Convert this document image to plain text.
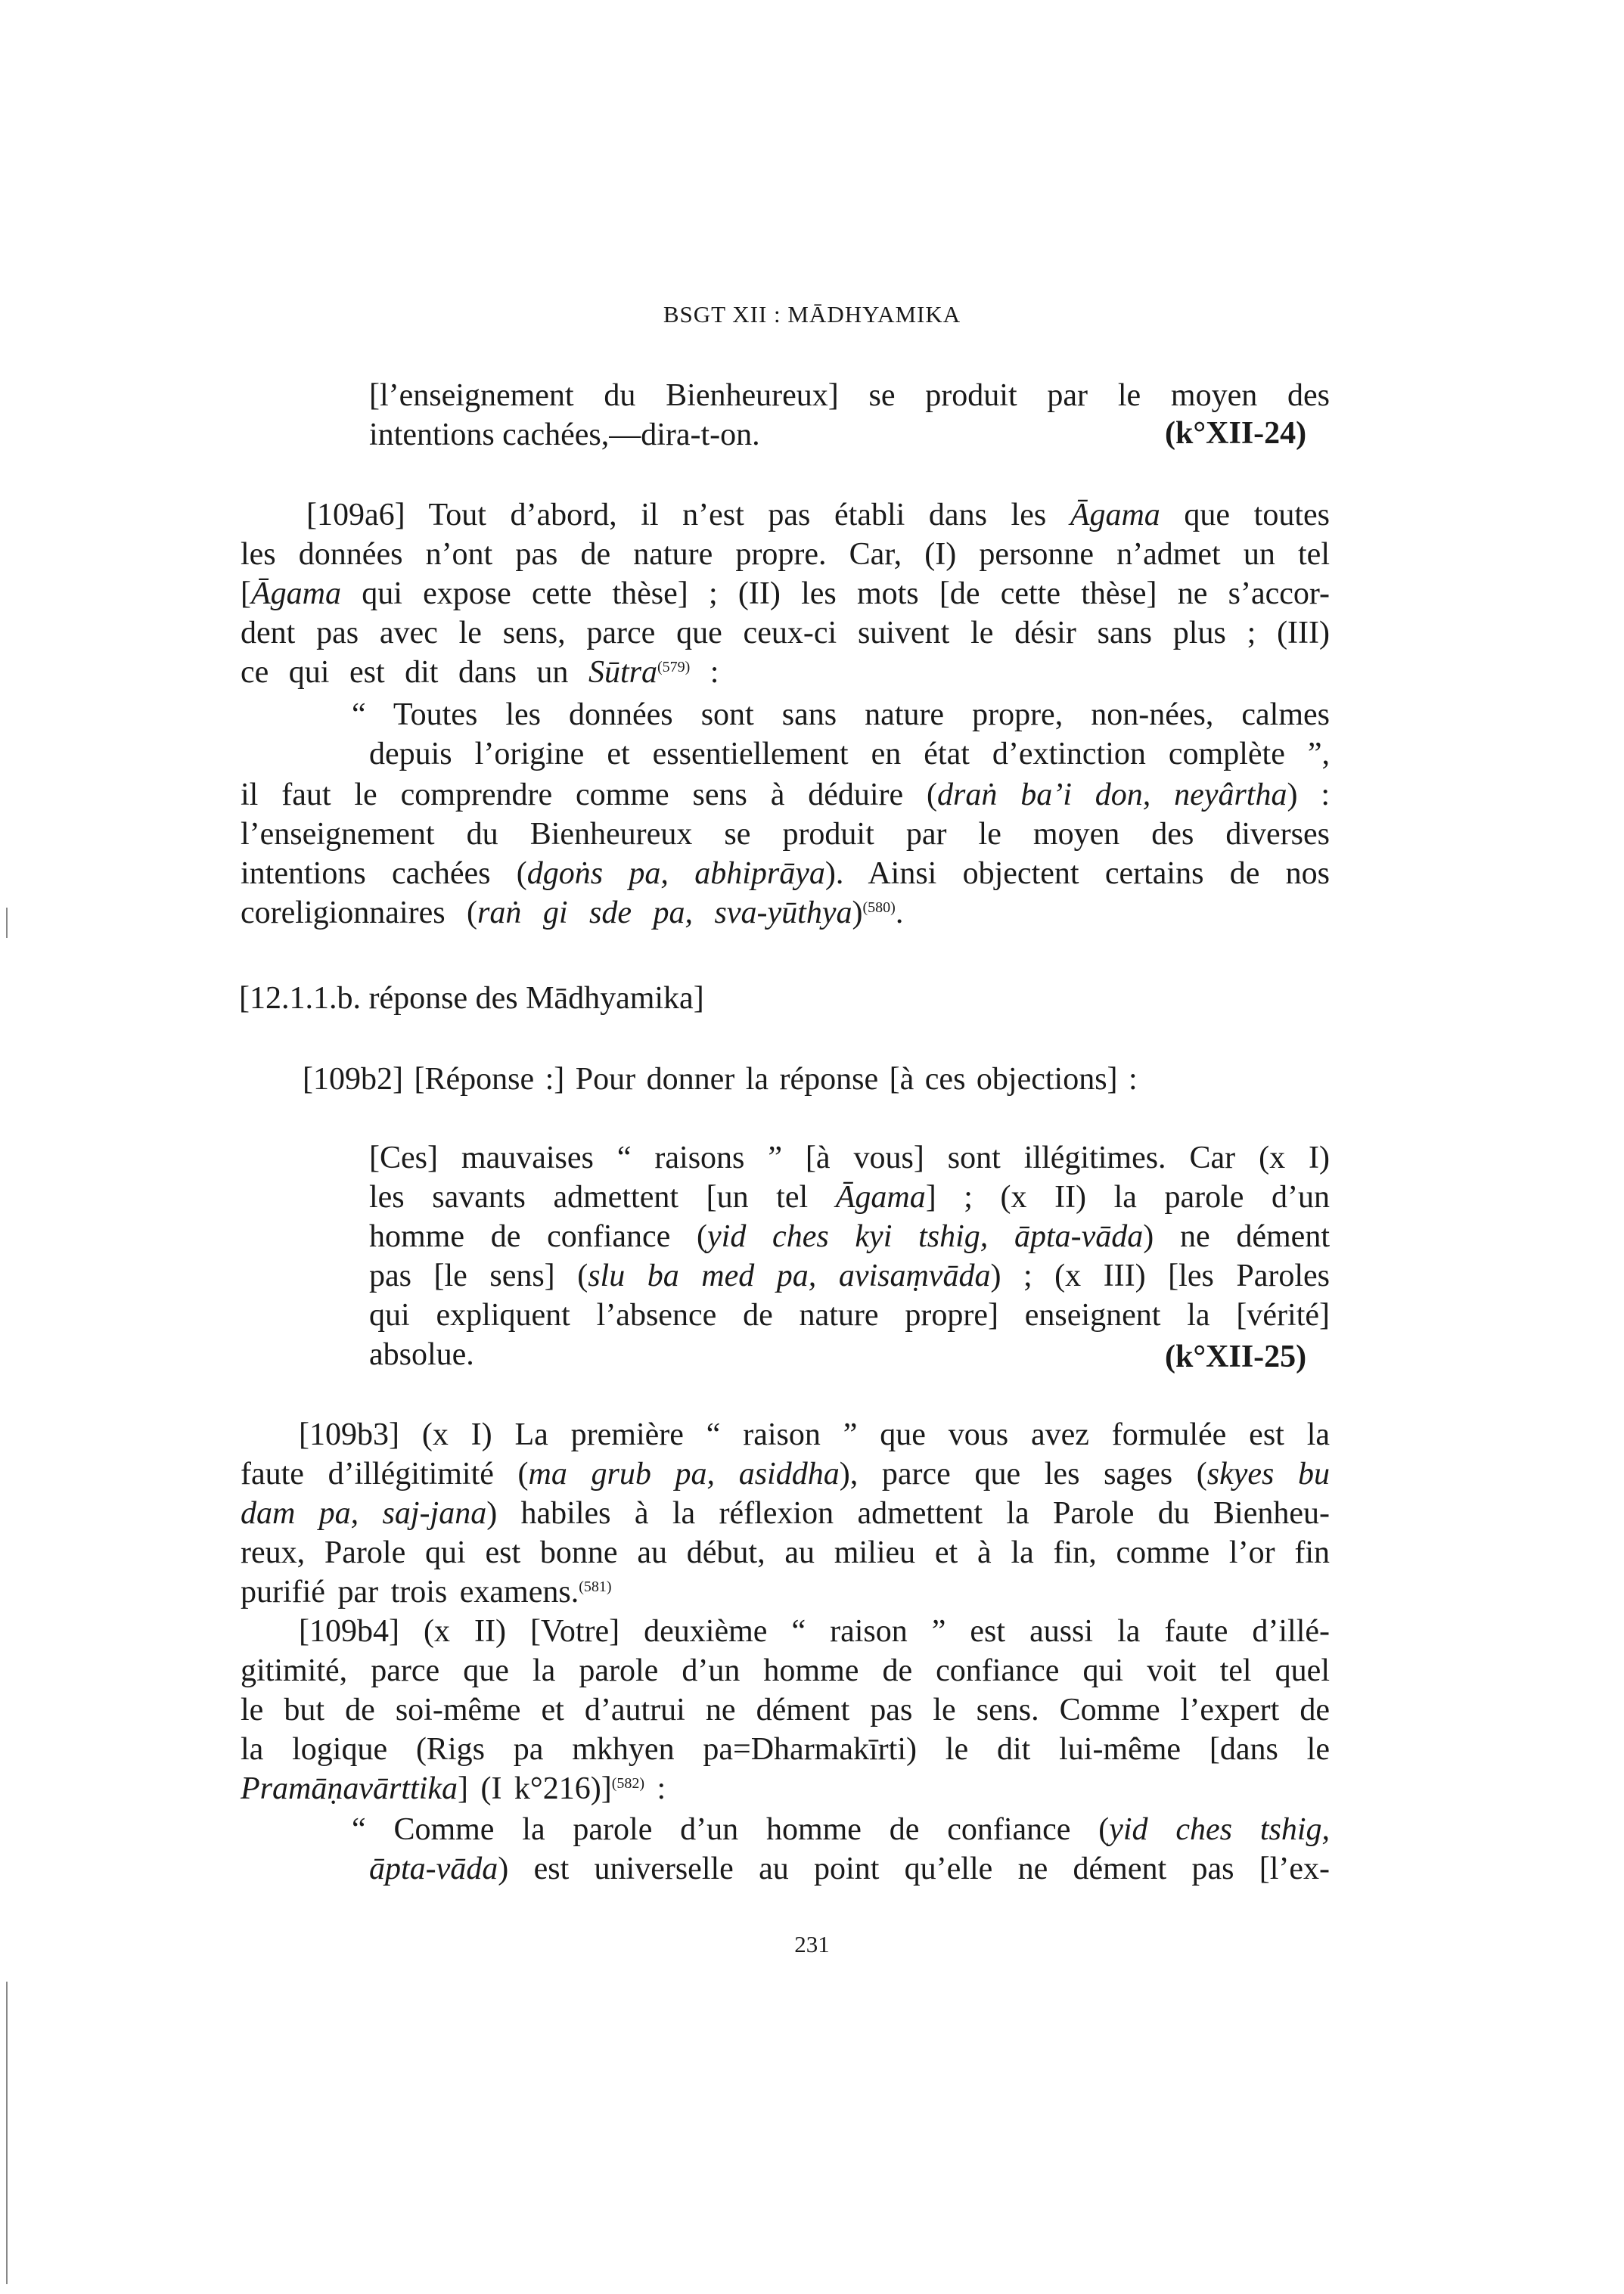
BSGT XII : MĀDHYAMIKA
[l’enseignement du Bienheureux] se produit par le moyen des
intentions cachées,—dira-t-on.	(k°XII-24)
[109a6] Tout d’abord, il n’est pas établi dans les Āgama que toutes
les données n’ont pas de nature propre. Car, (I) personne n’admet un tel
[Āgama qui expose cette thèse] ; (II) les mots [de cette thèse] ne s’accor-
dent pas avec le sens, parce que ceux-ci suivent le désir sans plus ; (III)
ce qui est dit dans un Sūtra$^{(579)}$ :
“ Toutes les données sont sans nature propre, non-nées, calmes
depuis l’origine et essentiellement en état d’extinction complète ”,
il faut le comprendre comme sens à déduire (draṅ ba’i don, neyârtha) :
l’enseignement du Bienheureux se produit par le moyen des diverses
intentions cachées (dgoṅs pa, abhiprāya). Ainsi objectent certains de nos
coreligionnaires (raṅ gi sde pa, sva-yūthya)$^{(580)}$.
[12.1.1.b. réponse des Mādhyamika]
[109b2] [Réponse :] Pour donner la réponse [à ces objections] :
[Ces] mauvaises “ raisons ” [à vous] sont illégitimes. Car (x I)
les savants admettent [un tel Āgama] ; (x II) la parole d’un
homme de confiance (yid ches kyi tshig, āpta-vāda) ne dément
pas [le sens] (slu ba med pa, avisaṃvāda) ; (x III) [les Paroles
qui expliquent l’absence de nature propre] enseignent la [vérité]
absolue.	(k°XII-25)
[109b3] (x I) La première “ raison ” que vous avez formulée est la
faute d’illégitimité (ma grub pa, asiddha), parce que les sages (skyes bu
dam pa, saj-jana) habiles à la réflexion admettent la Parole du Bienheu-
reux, Parole qui est bonne au début, au milieu et à la fin, comme l’or fin
purifié par trois examens.$^{(581)}$
[109b4] (x II) [Votre] deuxième “ raison ” est aussi la faute d’illé-
gitimité, parce que la parole d’un homme de confiance qui voit tel quel
le but de soi-même et d’autrui ne dément pas le sens. Comme l’expert de
la logique (Rigs pa mkhyen pa=Dharmakīrti) le dit lui-même [dans le
Pramāṇavārttika] (I k°216)]$^{(582)}$ :
“ Comme la parole d’un homme de confiance (yid ches tshig,
āpta-vāda) est universelle au point qu’elle ne dément pas [l’ex-
231
